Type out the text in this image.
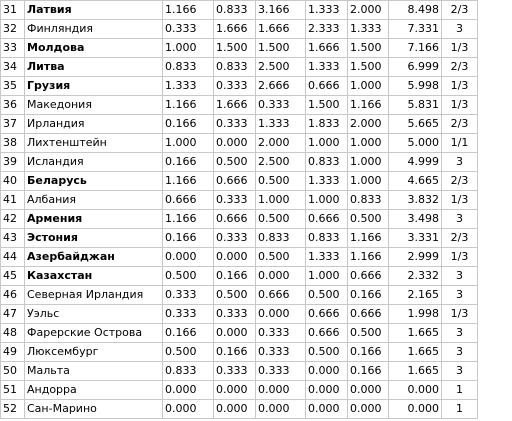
31	Латвия	1.166	0.833	3.166	1.333	2.000	8.498	2/3
32	Финляндия	0.333	1.666	1.666	2.333	1.333	7.331	3
33	Молдова	1.000	1.500	1.500	1.666	1.500	7.166	1/3
34	Литва	0.833	0.833	2.500	1.333	1.500	6.999	2/3
35	Грузия	1.333	0.333	2.666	0.666	1.000	5.998	1/3
36	Македония	1.166	1.666	0.333	1.500	1.166	5.831	1/3
37	Ирландия	0.166	0.333	1.333	1.833	2.000	5.665	2/3
38	Лихтенштейн	1.000	0.000	2.000	1.000	1.000	5.000	1/1
39	Исландия	0.166	0.500	2.500	0.833	1.000	4.999	3
40	Беларусь	1.166	0.666	0.500	1.333	1.000	4.665	2/3
41	Албания	0.666	0.333	1.000	1.000	0.833	3.832	1/3
42	Армения	1.166	0.666	0.500	0.666	0.500	3.498	3
43	Эстония	0.166	0.333	0.833	0.833	1.166	3.331	2/3
44	Азербайджан	0.000	0.000	0.500	1.333	1.166	2.999	1/3
45	Казахстан	0.500	0.166	0.000	1.000	0.666	2.332	3
46	Северная Ирландия	0.333	0.500	0.666	0.500	0.166	2.165	3
47	Уэльс	0.333	0.333	0.000	0.666	0.666	1.998	1/3
48	Фарерские Острова	0.166	0.000	0.333	0.666	0.500	1.665	3
49	Люксембург	0.500	0.166	0.333	0.500	0.166	1.665	3
50	Мальта	0.833	0.333	0.333	0.000	0.166	1.665	3
51	Андорра	0.000	0.000	0.000	0.000	0.000	0.000	1
52	Сан-Марино	0.000	0.000	0.000	0.000	0.000	0.000	1
